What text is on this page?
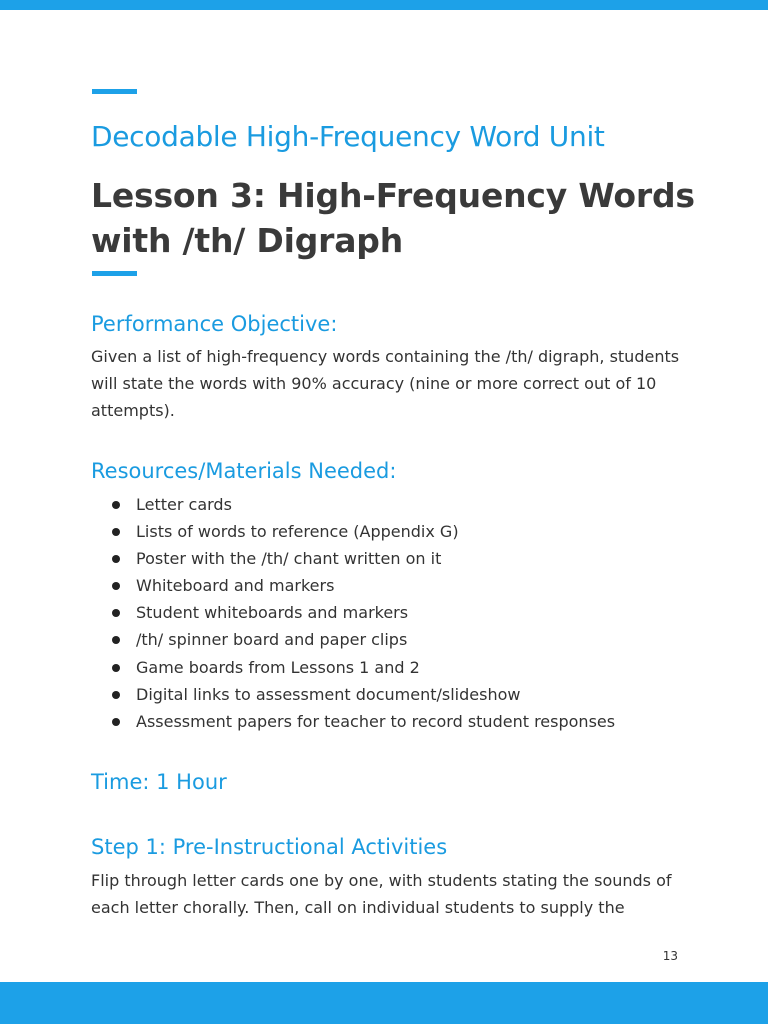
Decodable High-Frequency Word Unit
Lesson 3: High-Frequency Words with /th/ Digraph
Performance Objective:

Given a list of high-frequency words containing the /th/ digraph, students will state the words with 90% accuracy (nine or more correct out of 10 attempts).

Resources/Materials Needed:
Letter cards
Lists of words to reference (Appendix G)
Poster with the /th/ chant written on it
Whiteboard and markers
Student whiteboards and markers
/th/ spinner board and paper clips
Game boards from Lessons 1 and 2
Digital links to assessment document/slideshow
Assessment papers for teacher to record student responses
Time: 1 Hour
Step 1: Pre-Instructional Activities

Flip through letter cards one by one, with students stating the sounds of each letter chorally. Then, call on individual students to supply the

13
